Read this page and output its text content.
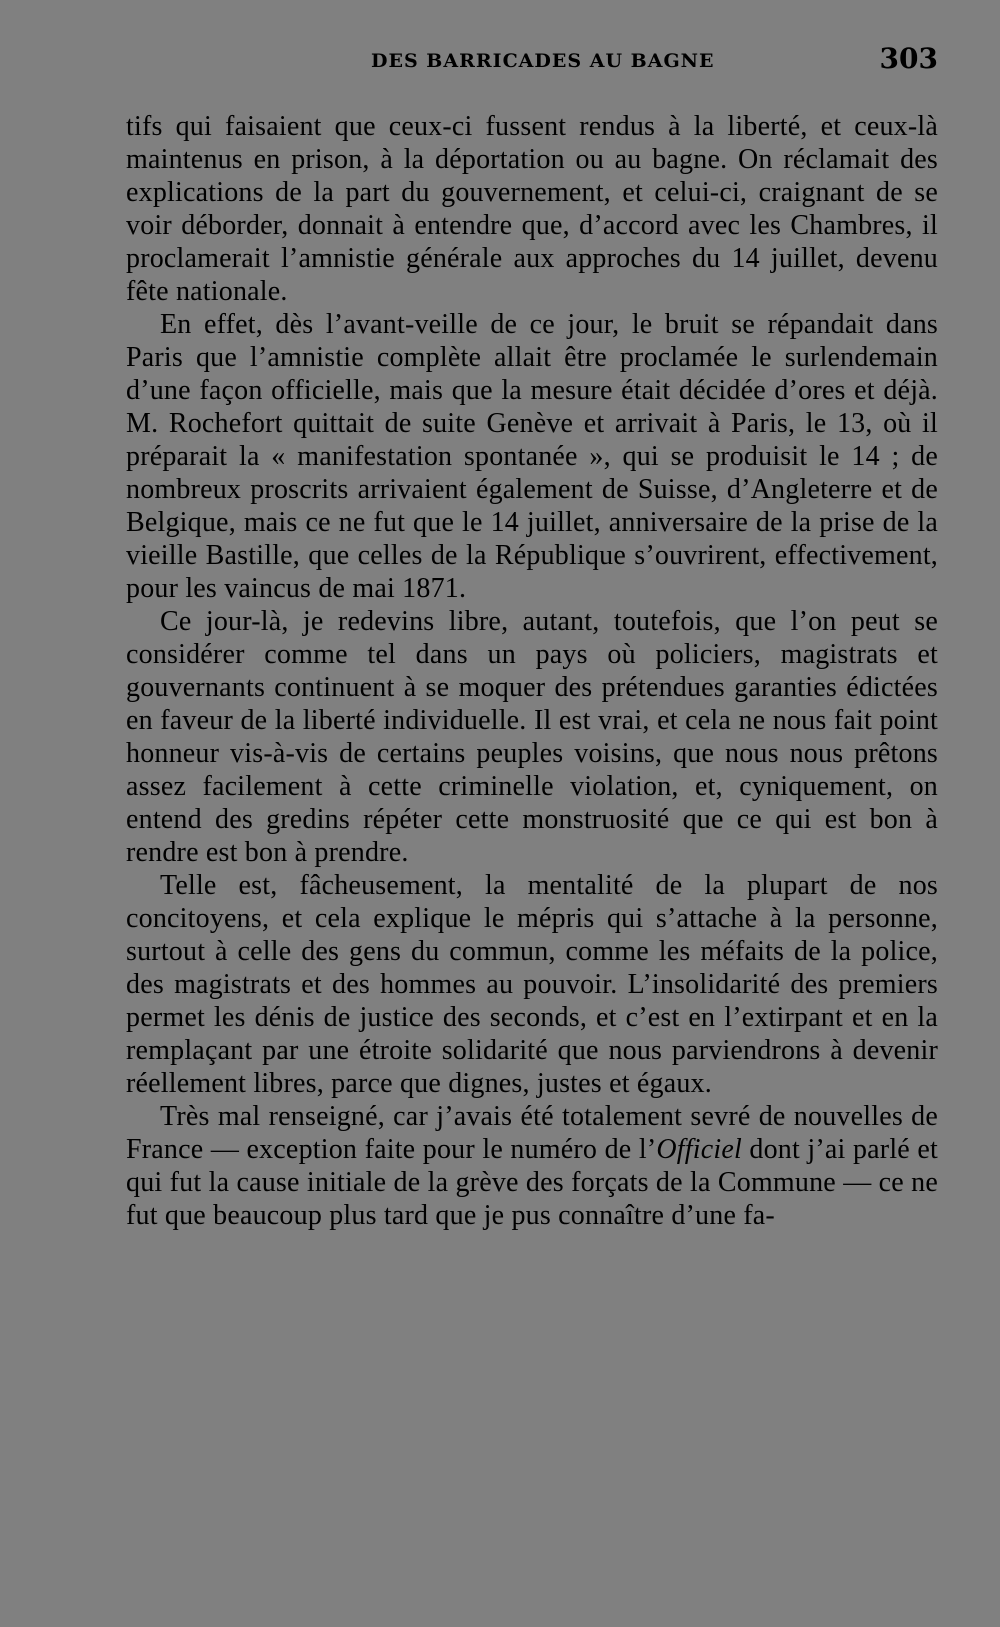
DES BARRICADES AU BAGNE	303

tifs qui faisaient que ceux-ci fussent rendus à la liberté, et ceux-là maintenus en prison, à la déportation ou au bagne. On réclamait des explications de la part du gouvernement, et celui-ci, craignant de se voir déborder, donnait à entendre que, d’accord avec les Chambres, il proclamerait l’amnistie générale aux approches du 14 juillet, devenu fête nationale.

En effet, dès l’avant-veille de ce jour, le bruit se répandait dans Paris que l’amnistie complète allait être proclamée le surlendemain d’une façon officielle, mais que la mesure était décidée d’ores et déjà. M. Rochefort quittait de suite Genève et arrivait à Paris, le 13, où il préparait la « manifestation spontanée », qui se produisit le 14 ; de nombreux proscrits arrivaient également de Suisse, d’Angleterre et de Belgique, mais ce ne fut que le 14 juillet, anniversaire de la prise de la vieille Bastille, que celles de la République s’ouvrirent, effectivement, pour les vaincus de mai 1871.

Ce jour-là, je redevins libre, autant, toutefois, que l’on peut se considérer comme tel dans un pays où policiers, magistrats et gouvernants continuent à se moquer des prétendues garanties édictées en faveur de la liberté individuelle. Il est vrai, et cela ne nous fait point honneur vis-à-vis de certains peuples voisins, que nous nous prêtons assez facilement à cette criminelle violation, et, cyniquement, on entend des gredins répéter cette monstruosité que ce qui est bon à rendre est bon à prendre.

Telle est, fâcheusement, la mentalité de la plupart de nos concitoyens, et cela explique le mépris qui s’attache à la personne, surtout à celle des gens du commun, comme les méfaits de la police, des magistrats et des hommes au pouvoir. L’insolidarité des premiers permet les dénis de justice des seconds, et c’est en l’extirpant et en la remplaçant par une étroite solidarité que nous parviendrons à devenir réellement libres, parce que dignes, justes et égaux.

Très mal renseigné, car j’avais été totalement sevré de nouvelles de France — exception faite pour le numéro de l’Officiel dont j’ai parlé et qui fut la cause initiale de la grève des forçats de la Commune — ce ne fut que beaucoup plus tard que je pus connaître d’une fa-
